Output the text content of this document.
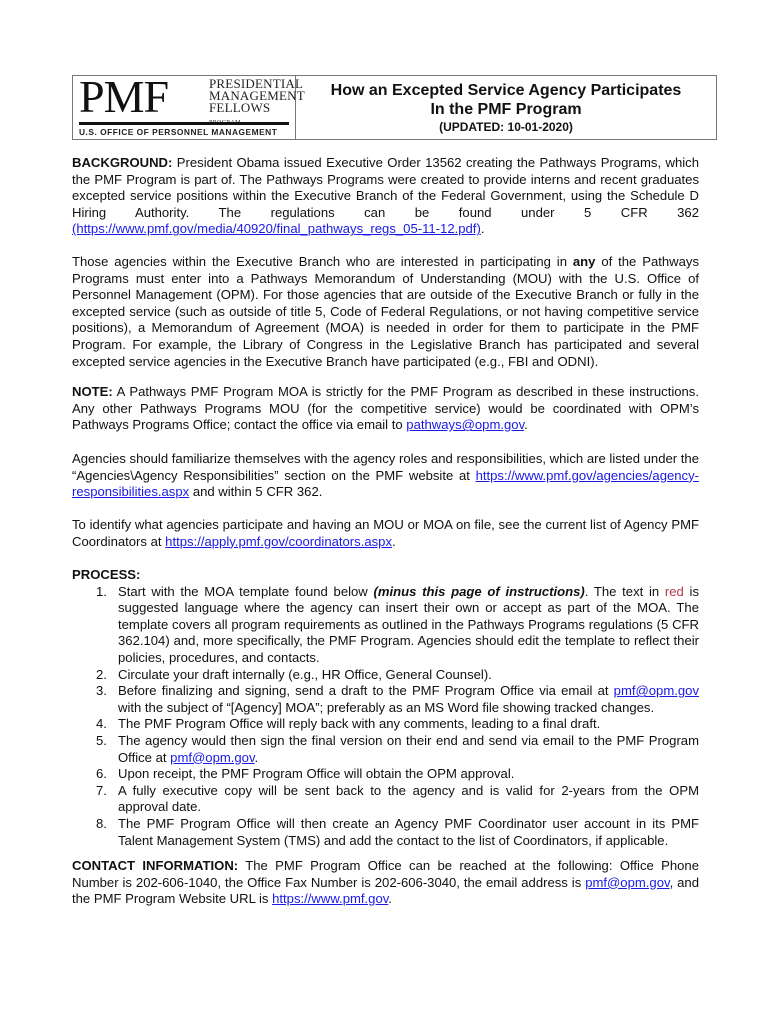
PMF	PRESIDENTIAL
MANAGEMENT
FELLOWS
U.S. OFFICE OF PERSONNEL MANAGEMENT
How an Excepted Service Agency Participates
In the PMF Program
(UPDATED: 10-01-2020)
BACKGROUND: President Obama issued Executive Order 13562 creating the Pathways Programs, which the PMF Program is part of. The Pathways Programs were created to provide interns and recent graduates excepted service positions within the Executive Branch of the Federal Government, using the Schedule D Hiring Authority. The regulations can be found under 5 CFR 362 (https://www.pmf.gov/media/40920/final_pathways_regs_05-11-12.pdf).
Those agencies within the Executive Branch who are interested in participating in any of the Pathways Programs must enter into a Pathways Memorandum of Understanding (MOU) with the U.S. Office of Personnel Management (OPM). For those agencies that are outside of the Executive Branch or fully in the excepted service (such as outside of title 5, Code of Federal Regulations, or not having competitive service positions), a Memorandum of Agreement (MOA) is needed in order for them to participate in the PMF Program. For example, the Library of Congress in the Legislative Branch has participated and several excepted service agencies in the Executive Branch have participated (e.g., FBI and ODNI).
NOTE: A Pathways PMF Program MOA is strictly for the PMF Program as described in these instructions. Any other Pathways Programs MOU (for the competitive service) would be coordinated with OPM’s Pathways Programs Office; contact the office via email to pathways@opm.gov.
Agencies should familiarize themselves with the agency roles and responsibilities, which are listed under the “Agencies\Agency Responsibilities” section on the PMF website at https://www.pmf.gov/agencies/agency-responsibilities.aspx and within 5 CFR 362.
To identify what agencies participate and having an MOU or MOA on file, see the current list of Agency PMF Coordinators at https://apply.pmf.gov/coordinators.aspx.
PROCESS:
1. Start with the MOA template found below (minus this page of instructions). The text in red is suggested language where the agency can insert their own or accept as part of the MOA. The template covers all program requirements as outlined in the Pathways Programs regulations (5 CFR 362.104) and, more specifically, the PMF Program. Agencies should edit the template to reflect their policies, procedures, and contacts.
2. Circulate your draft internally (e.g., HR Office, General Counsel).
3. Before finalizing and signing, send a draft to the PMF Program Office via email at pmf@opm.gov with the subject of “[Agency] MOA”; preferably as an MS Word file showing tracked changes.
4. The PMF Program Office will reply back with any comments, leading to a final draft.
5. The agency would then sign the final version on their end and send via email to the PMF Program Office at pmf@opm.gov.
6. Upon receipt, the PMF Program Office will obtain the OPM approval.
7. A fully executive copy will be sent back to the agency and is valid for 2-years from the OPM approval date.
8. The PMF Program Office will then create an Agency PMF Coordinator user account in its PMF Talent Management System (TMS) and add the contact to the list of Coordinators, if applicable.
CONTACT INFORMATION: The PMF Program Office can be reached at the following: Office Phone Number is 202-606-1040, the Office Fax Number is 202-606-3040, the email address is pmf@opm.gov, and the PMF Program Website URL is https://www.pmf.gov.
